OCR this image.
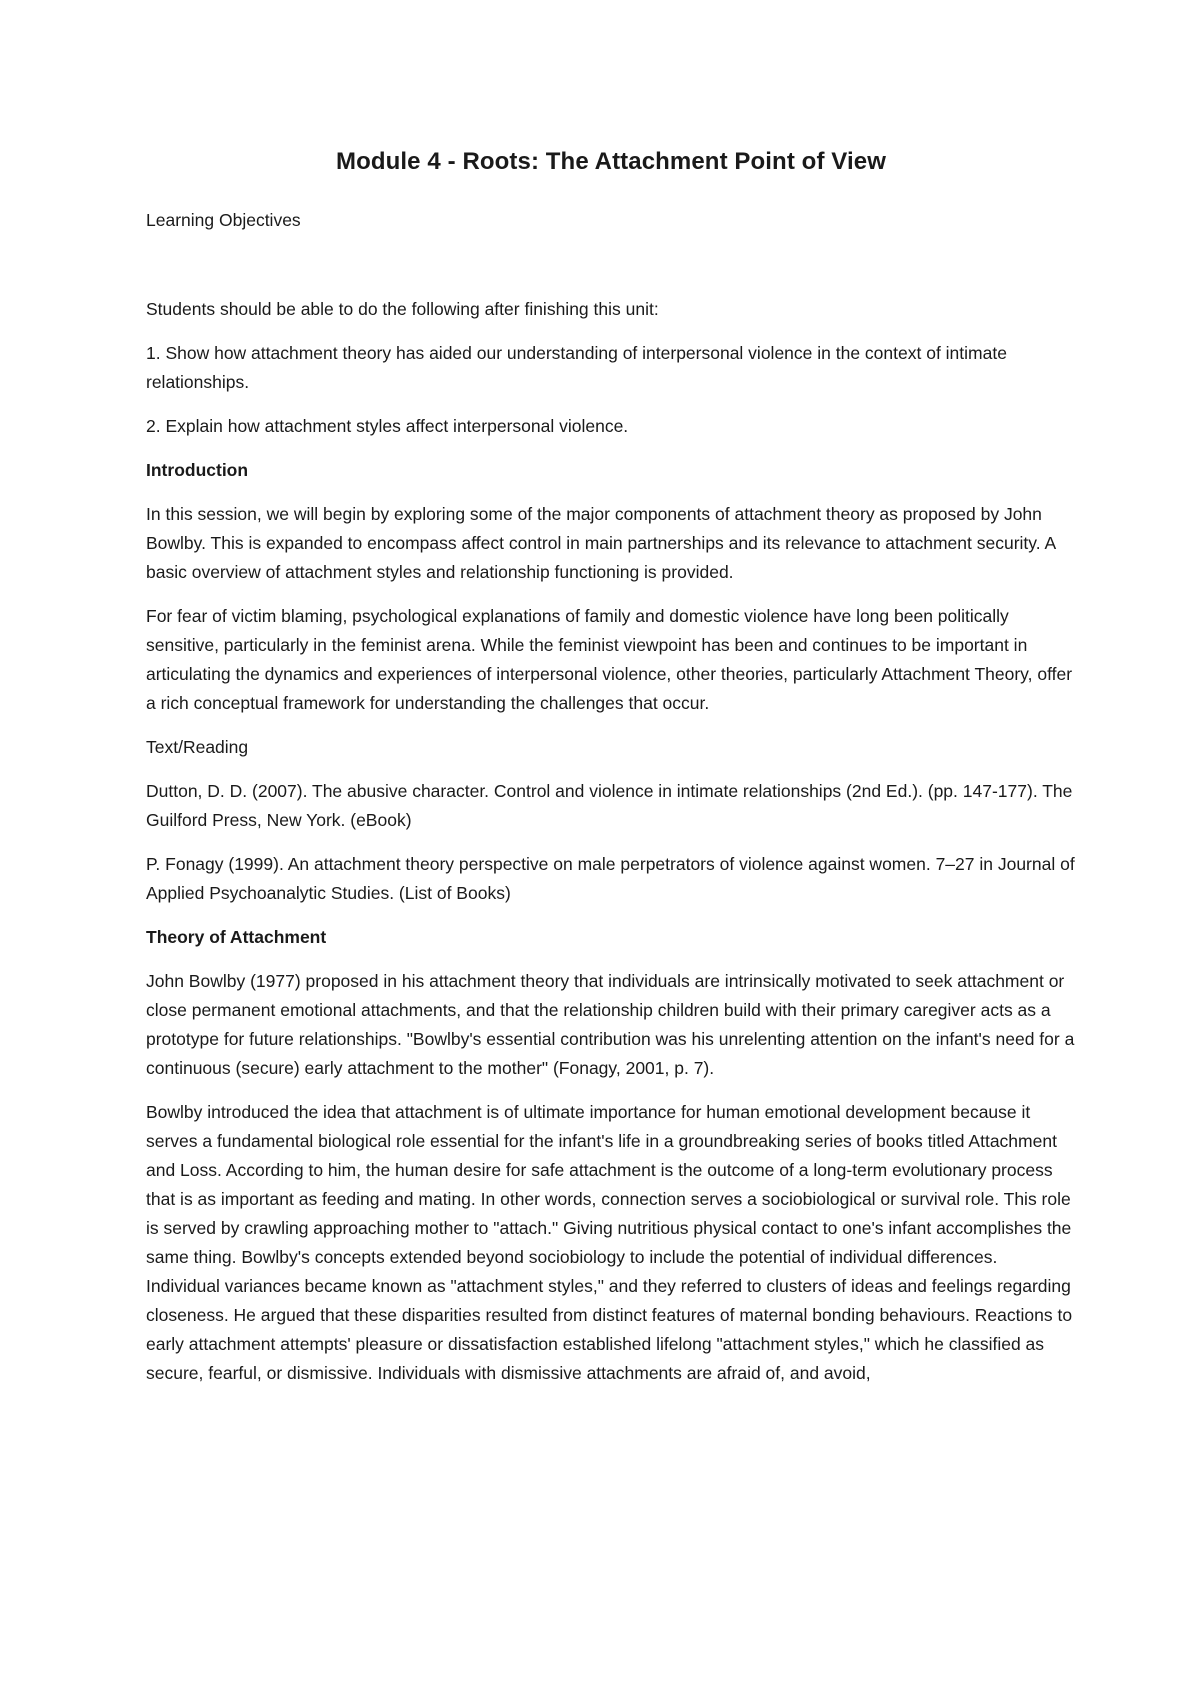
Module 4 - Roots: The Attachment Point of View

Learning Objectives

Students should be able to do the following after finishing this unit:

1. Show how attachment theory has aided our understanding of interpersonal violence in the context of intimate relationships.

2. Explain how attachment styles affect interpersonal violence.

Introduction

In this session, we will begin by exploring some of the major components of attachment theory as proposed by John Bowlby. This is expanded to encompass affect control in main partnerships and its relevance to attachment security. A basic overview of attachment styles and relationship functioning is provided.

For fear of victim blaming, psychological explanations of family and domestic violence have long been politically sensitive, particularly in the feminist arena. While the feminist viewpoint has been and continues to be important in articulating the dynamics and experiences of interpersonal violence, other theories, particularly Attachment Theory, offer a rich conceptual framework for understanding the challenges that occur.

Text/Reading

Dutton, D. D. (2007). The abusive character. Control and violence in intimate relationships (2nd Ed.). (pp. 147-177). The Guilford Press, New York. (eBook)

P. Fonagy (1999). An attachment theory perspective on male perpetrators of violence against women. 7–27 in Journal of Applied Psychoanalytic Studies. (List of Books)

Theory of Attachment

John Bowlby (1977) proposed in his attachment theory that individuals are intrinsically motivated to seek attachment or close permanent emotional attachments, and that the relationship children build with their primary caregiver acts as a prototype for future relationships. "Bowlby's essential contribution was his unrelenting attention on the infant's need for a continuous (secure) early attachment to the mother" (Fonagy, 2001, p. 7).

Bowlby introduced the idea that attachment is of ultimate importance for human emotional development because it serves a fundamental biological role essential for the infant's life in a groundbreaking series of books titled Attachment and Loss. According to him, the human desire for safe attachment is the outcome of a long-term evolutionary process that is as important as feeding and mating. In other words, connection serves a sociobiological or survival role. This role is served by crawling approaching mother to "attach." Giving nutritious physical contact to one's infant accomplishes the same thing. Bowlby's concepts extended beyond sociobiology to include the potential of individual differences. Individual variances became known as "attachment styles," and they referred to clusters of ideas and feelings regarding closeness. He argued that these disparities resulted from distinct features of maternal bonding behaviours. Reactions to early attachment attempts' pleasure or dissatisfaction established lifelong "attachment styles," which he classified as secure, fearful, or dismissive. Individuals with dismissive attachments are afraid of, and avoid,
